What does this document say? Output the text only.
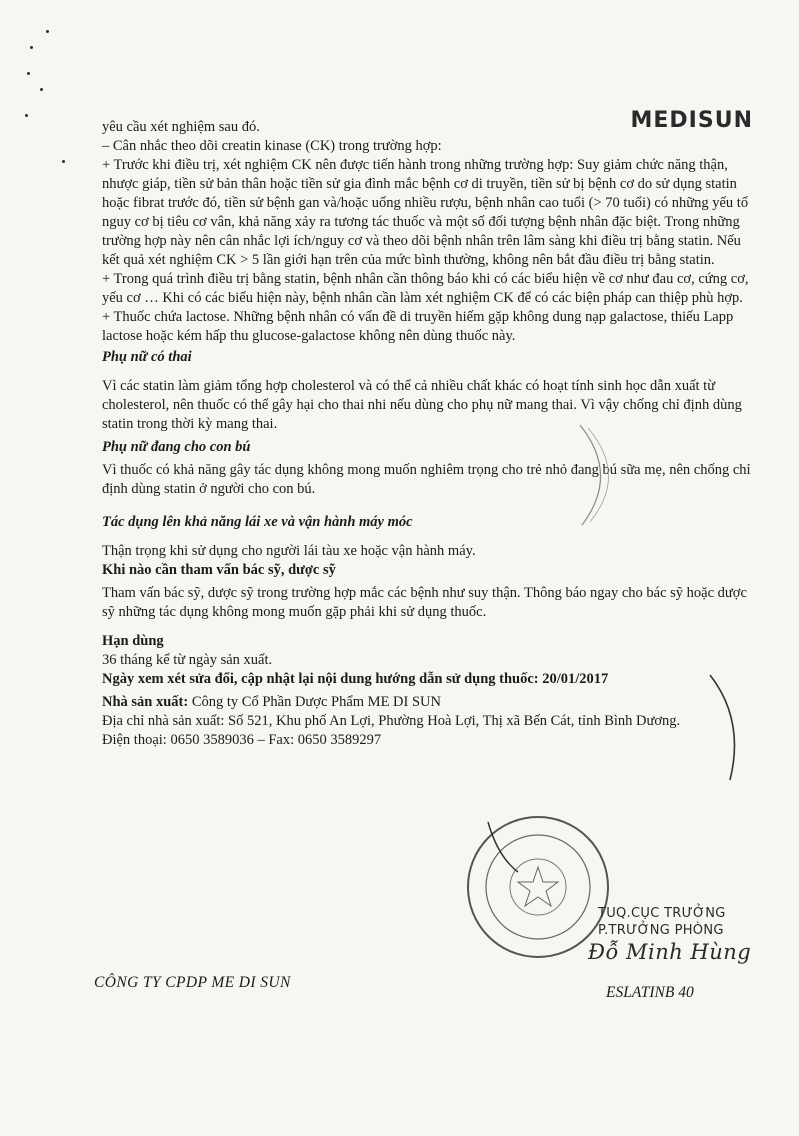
MEDISUN

yêu cầu xét nghiệm sau đó.

– Cân nhắc theo dõi creatin kinase (CK) trong trường hợp:

+ Trước khi điều trị, xét nghiệm CK nên được tiến hành trong những trường hợp: Suy giảm chức năng thận, nhược giáp, tiền sử bản thân hoặc tiền sử gia đình mắc bệnh cơ di truyền, tiền sử bị bệnh cơ do sử dụng statin hoặc fibrat trước đó, tiền sử bệnh gan và/hoặc uống nhiều rượu, bệnh nhân cao tuổi (> 70 tuổi) có những yếu tố nguy cơ bị tiêu cơ vân, khả năng xảy ra tương tác thuốc và một số đối tượng bệnh nhân đặc biệt. Trong những trường hợp này nên cân nhắc lợi ích/nguy cơ và theo dõi bệnh nhân trên lâm sàng khi điều trị bằng statin. Nếu kết quả xét nghiệm CK > 5 lần giới hạn trên của mức bình thường, không nên bắt đầu điều trị bằng statin.

+ Trong quá trình điều trị bằng statin, bệnh nhân cần thông báo khi có các biểu hiện về cơ như đau cơ, cứng cơ, yếu cơ … Khi có các biểu hiện này, bệnh nhân cần làm xét nghiệm CK để có các biện pháp can thiệp phù hợp.

+ Thuốc chứa lactose. Những bệnh nhân có vấn đề di truyền hiếm gặp không dung nạp galactose, thiếu Lapp lactose hoặc kém hấp thu glucose-galactose không nên dùng thuốc này.

Phụ nữ có thai

Vì các statin làm giảm tổng hợp cholesterol và có thể cả nhiều chất khác có hoạt tính sinh học dẫn xuất từ cholesterol, nên thuốc có thể gây hại cho thai nhi nếu dùng cho phụ nữ mang thai. Vì vậy chống chỉ định dùng statin trong thời kỳ mang thai.

Phụ nữ đang cho con bú

Vì thuốc có khả năng gây tác dụng không mong muốn nghiêm trọng cho trẻ nhỏ đang bú sữa mẹ, nên chống chỉ định dùng statin ở người cho con bú.

Tác dụng lên khả năng lái xe và vận hành máy móc

Thận trọng khi sử dụng cho người lái tàu xe hoặc vận hành máy.

Khi nào cần tham vấn bác sỹ, dược sỹ

Tham vấn bác sỹ, dược sỹ trong trường hợp mắc các bệnh như suy thận. Thông báo ngay cho bác sỹ hoặc dược sỹ những tác dụng không mong muốn gặp phải khi sử dụng thuốc.

Hạn dùng

36 tháng kể từ ngày sản xuất.

Ngày xem xét sửa đổi, cập nhật lại nội dung hướng dẫn sử dụng thuốc: 20/01/2017

Nhà sản xuất: Công ty Cổ Phần Dược Phẩm ME DI SUN

Địa chỉ nhà sản xuất: Số 521, Khu phố An Lợi, Phường Hoà Lợi, Thị xã Bến Cát, tỉnh Bình Dương.

Điện thoại: 0650 3589036 – Fax: 0650 3589297

TUQ.CỤC TRƯỞNG
P.TRƯỞNG PHÒNG
Đỗ Minh Hùng
CÔNG TY CPDP ME DI SUN
ESLATINB 40
